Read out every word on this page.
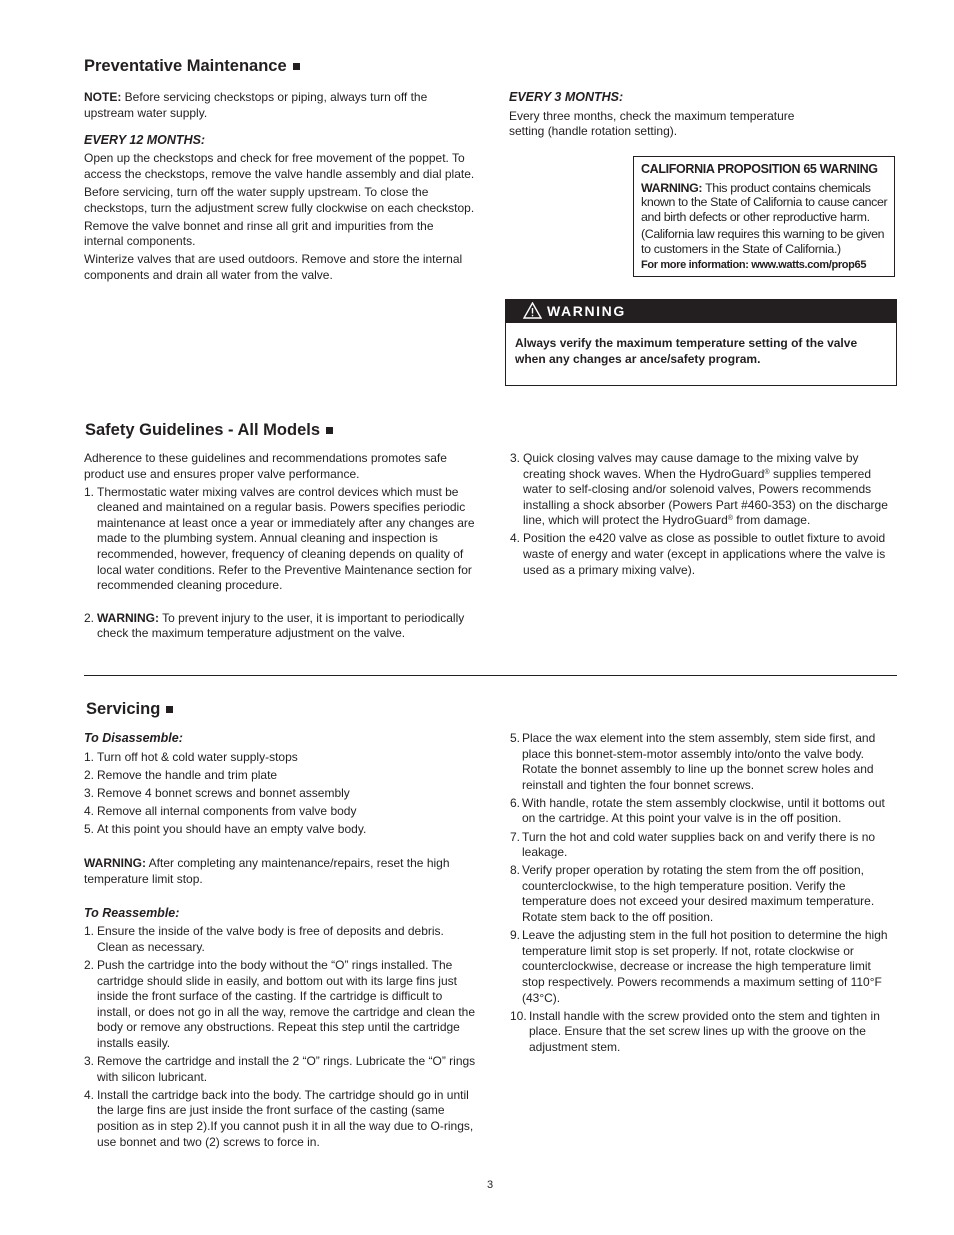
Preventative Maintenance

NOTE: Before servicing checkstops or piping, always turn off the upstream water supply.

EVERY 12 MONTHS:

Open up the checkstops and check for free movement of the poppet. To access the checkstops, remove the valve handle assembly and dial plate.

Before servicing, turn off the water supply upstream. To close the checkstops, turn the adjustment screw fully clockwise on each checkstop.

Remove the valve bonnet and rinse all grit and impurities from the internal components.

Winterize valves that are used outdoors. Remove and store the internal components and drain all water from the valve.

EVERY 3 MONTHS:

Every three months, check the maximum temperature setting (handle rotation setting).

CALIFORNIA PROPOSITION 65 WARNING
WARNING: This product contains chemicals known to the State of California to cause cancer and birth defects or other reproductive harm.
(California law requires this warning to be given to customers in the State of California.)
For more information: www.watts.com/prop65
WARNING
Always verify the maximum temperature setting of the valve when any changes ar ance/safety program.
Safety Guidelines - All Models

Adherence to these guidelines and recommendations promotes safe product use and ensures proper valve performance.

1. Thermostatic water mixing valves are control devices which must be cleaned and maintained on a regular basis. Powers specifies periodic maintenance at least once a year or immediately after any changes are made to the plumbing system. Annual cleaning and inspection is recommended, however, frequency of cleaning depends on quality of local water conditions. Refer to the Preventive Maintenance section for recommended cleaning procedure.
2. WARNING: To prevent injury to the user, it is important to periodically check the maximum temperature adjustment on the valve.
3. Quick closing valves may cause damage to the mixing valve by creating shock waves. When the HydroGuard® supplies tempered water to self-closing and/or solenoid valves, Powers recommends installing a shock absorber (Powers Part #460-353) on the discharge line, which will protect the HydroGuard® from damage.
4. Position the e420 valve as close as possible to outlet fixture to avoid waste of energy and water (except in applications where the valve is used as a primary mixing valve).
Servicing

To Disassemble:

1. Turn off hot & cold water supply-stops
2. Remove the handle and trim plate
3. Remove 4 bonnet screws and bonnet assembly
4. Remove all internal components from valve body
5. At this point you should have an empty valve body.

WARNING: After completing any maintenance/repairs, reset the high temperature limit stop.

To Reassemble:

1. Ensure the inside of the valve body is free of deposits and debris. Clean as necessary.
2. Push the cartridge into the body without the “O” rings installed. The cartridge should slide in easily, and bottom out with its large fins just inside the front surface of the casting. If the cartridge is difficult to install, or does not go in all the way, remove the cartridge and clean the body or remove any obstructions. Repeat this step until the cartridge installs easily.
3. Remove the cartridge and install the 2 “O” rings. Lubricate the “O” rings with silicon lubricant.
4. Install the cartridge back into the body. The cartridge should go in until the large fins are just inside the front surface of the casting (same position as in step 2).If you cannot push it in all the way due to O-rings, use bonnet and two (2) screws to force in.
5. Place the wax element into the stem assembly, stem side first, and place this bonnet-stem-motor assembly into/onto the valve body. Rotate the bonnet assembly to line up the bonnet screw holes and reinstall and tighten the four bonnet screws.
6. With handle, rotate the stem assembly clockwise, until it bottoms out on the cartridge. At this point your valve is in the off position.
7. Turn the hot and cold water supplies back on and verify there is no leakage.
8. Verify proper operation by rotating the stem from the off position, counterclockwise, to the high temperature position. Verify the temperature does not exceed your desired maximum temperature. Rotate stem back to the off position.
9. Leave the adjusting stem in the full hot position to determine the high temperature limit stop is set properly. If not, rotate clockwise or counterclockwise, decrease or increase the high temperature limit stop respectively. Powers recommends a maximum setting of 110°F (43°C).
10. Install handle with the screw provided onto the stem and tighten in place. Ensure that the set screw lines up with the groove on the adjustment stem.
3
